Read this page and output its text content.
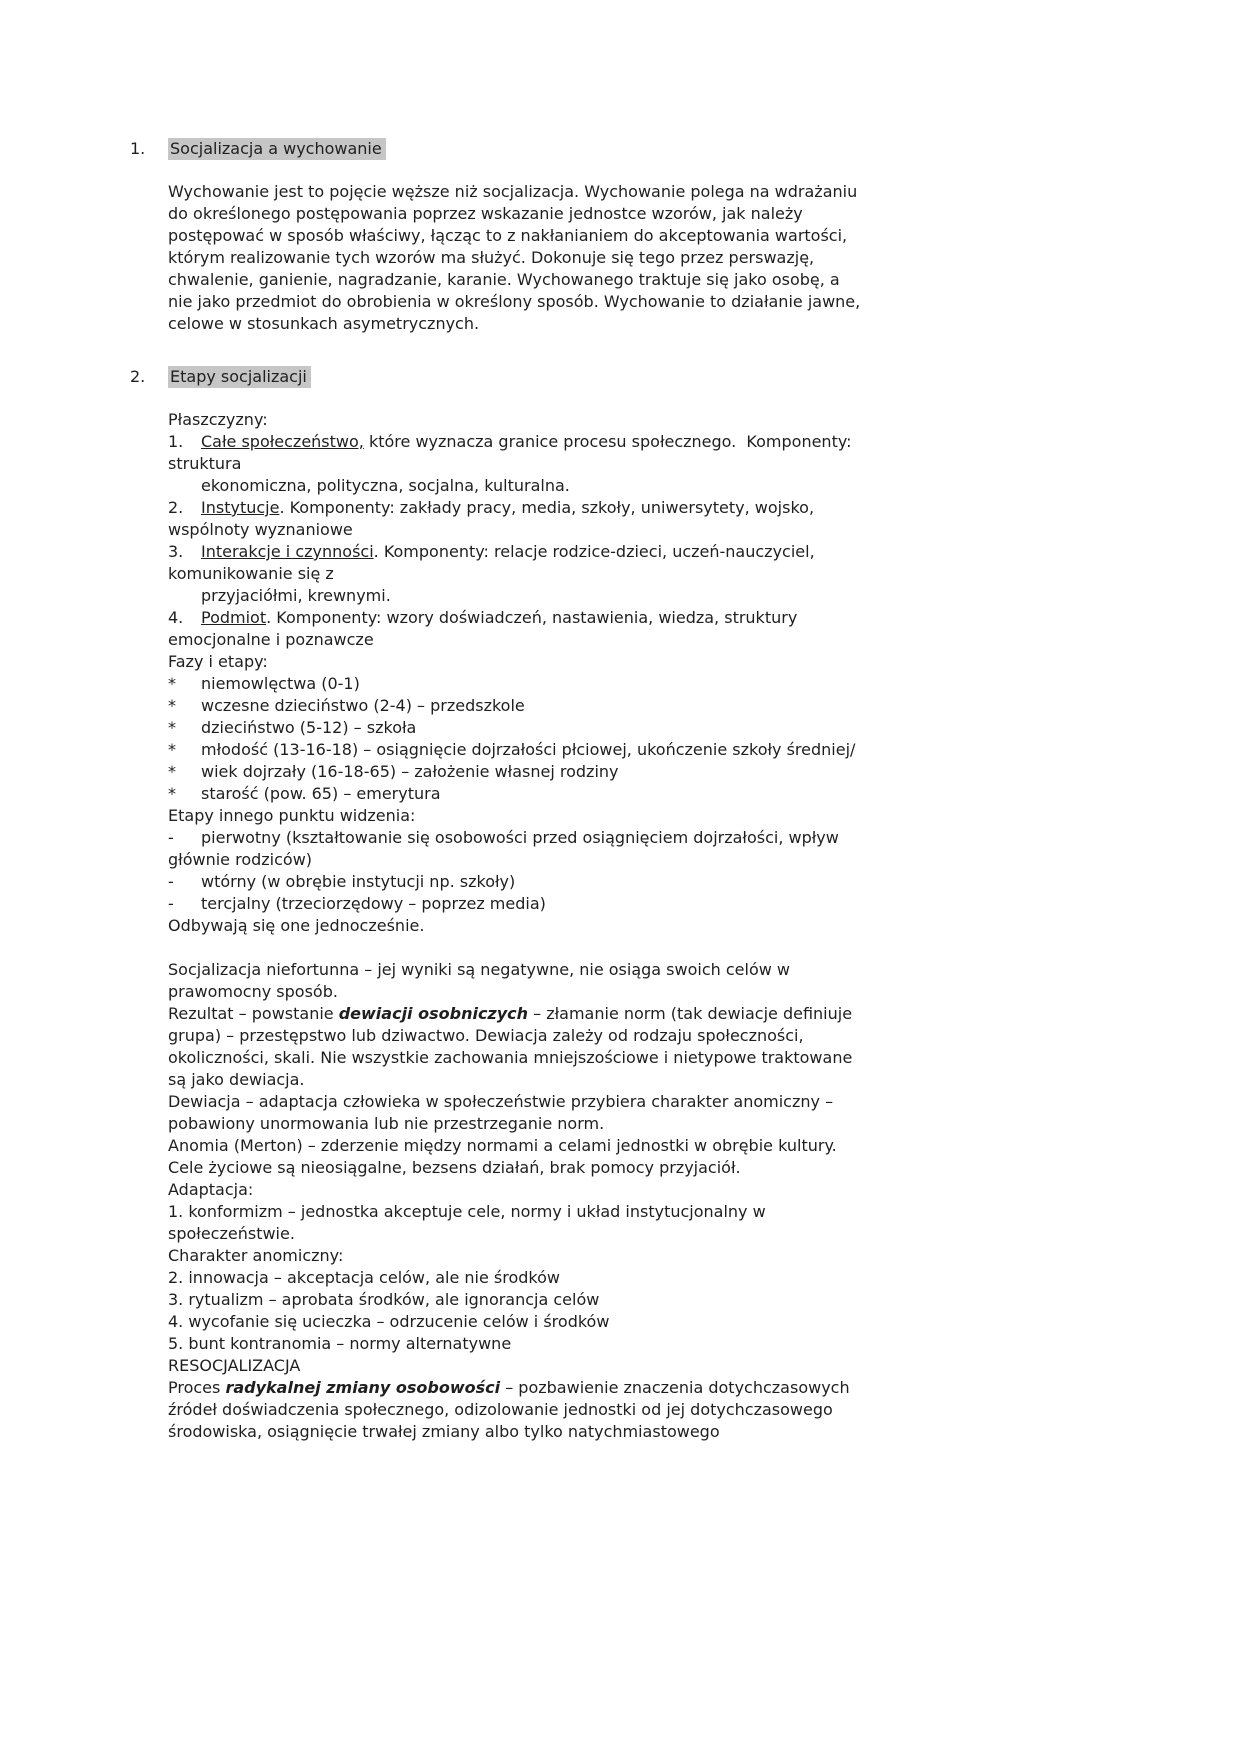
1. Socjalizacja a wychowanie
Wychowanie jest to pojęcie węższe niż socjalizacja. Wychowanie polega na wdrażaniu
do określonego postępowania poprzez wskazanie jednostce wzorów, jak należy
postępować w sposób właściwy, łącząc to z nakłanianiem do akceptowania wartości,
którym realizowanie tych wzorów ma służyć. Dokonuje się tego przez perswazję,
chwalenie, ganienie, nagradzanie, karanie. Wychowanego traktuje się jako osobę, a
nie jako przedmiot do obrobienia w określony sposób. Wychowanie to działanie jawne,
celowe w stosunkach asymetrycznych.
2. Etapy socjalizacji
Płaszczyzny:
1. Całe społeczeństwo, które wyznacza granice procesu społecznego.  Komponenty:
struktura
ekonomiczna, polityczna, socjalna, kulturalna.
2. Instytucje. Komponenty: zakłady pracy, media, szkoły, uniwersytety, wojsko,
wspólnoty wyznaniowe
3. Interakcje i czynności. Komponenty: relacje rodzice-dzieci, uczeń-nauczyciel,
komunikowanie się z
przyjaciółmi, krewnymi.
4. Podmiot. Komponenty: wzory doświadczeń, nastawienia, wiedza, struktury
emocjonalne i poznawcze
Fazy i etapy:
* niemowlęctwa (0-1)
* wczesne dzieciństwo (2-4) – przedszkole
* dzieciństwo (5-12) – szkoła
* młodość (13-16-18) – osiągnięcie dojrzałości płciowej, ukończenie szkoły średniej/
* wiek dojrzały (16-18-65) – założenie własnej rodziny
* starość (pow. 65) – emerytura
Etapy innego punktu widzenia:
- pierwotny (kształtowanie się osobowości przed osiągnięciem dojrzałości, wpływ
głównie rodziców)
- wtórny (w obrębie instytucji np. szkoły)
- tercjalny (trzeciorzędowy – poprzez media)
Odbywają się one jednocześnie.

Socjalizacja niefortunna – jej wyniki są negatywne, nie osiąga swoich celów w
prawomocny sposób.
Rezultat – powstanie dewiacji osobniczych – złamanie norm (tak dewiacje definiuje
grupa) – przestępstwo lub dziwactwo. Dewiacja zależy od rodzaju społeczności,
okoliczności, skali. Nie wszystkie zachowania mniejszościowe i nietypowe traktowane
są jako dewiacja.
Dewiacja – adaptacja człowieka w społeczeństwie przybiera charakter anomiczny –
pobawiony unormowania lub nie przestrzeganie norm.
Anomia (Merton) – zderzenie między normami a celami jednostki w obrębie kultury.
Cele życiowe są nieosiągalne, bezsens działań, brak pomocy przyjaciół.
Adaptacja:
1. konformizm – jednostka akceptuje cele, normy i układ instytucjonalny w
społeczeństwie.
Charakter anomiczny:
2. innowacja – akceptacja celów, ale nie środków
3. rytualizm – aprobata środków, ale ignorancja celów
4. wycofanie się ucieczka – odrzucenie celów i środków
5. bunt kontranomia – normy alternatywne
RESOCJALIZACJA
Proces radykalnej zmiany osobowości – pozbawienie znaczenia dotychczasowych
źródeł doświadczenia społecznego, odizolowanie jednostki od jej dotychczasowego
środowiska, osiągnięcie trwałej zmiany albo tylko natychmiastowego
